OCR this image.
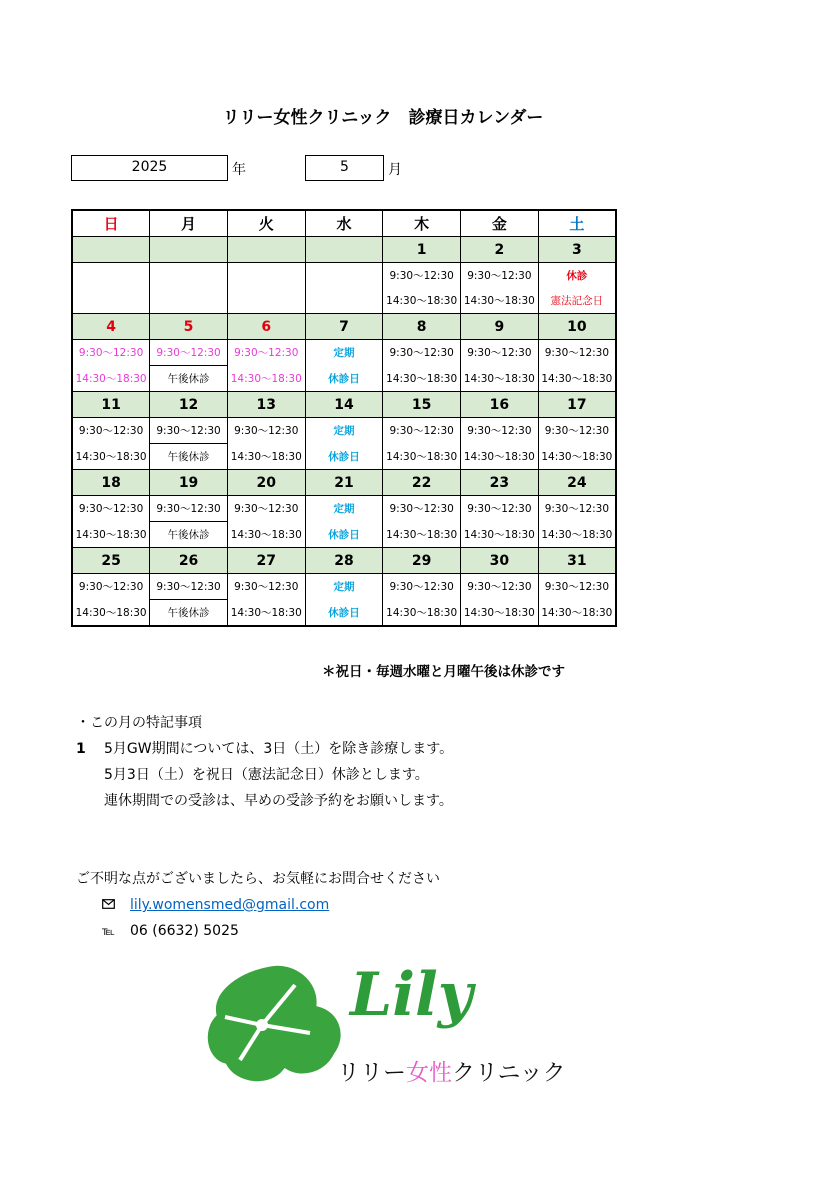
リリー女性クリニック　診療日カレンダー
2025	年	5	月
日	月	火	水	木	金	土
				1	2	3
				9:30～12:30	9:30～12:30	休診
				14:30～18:30	14:30～18:30	憲法記念日
4	5	6	7	8	9	10
9:30～12:30	9:30～12:30	9:30～12:30	定期	9:30～12:30	9:30～12:30	9:30～12:30
14:30～18:30	午後休診	14:30～18:30	休診日	14:30～18:30	14:30～18:30	14:30～18:30
11	12	13	14	15	16	17
9:30～12:30	9:30～12:30	9:30～12:30	定期	9:30～12:30	9:30～12:30	9:30～12:30
14:30～18:30	午後休診	14:30～18:30	休診日	14:30～18:30	14:30～18:30	14:30～18:30
18	19	20	21	22	23	24
9:30～12:30	9:30～12:30	9:30～12:30	定期	9:30～12:30	9:30～12:30	9:30～12:30
14:30～18:30	午後休診	14:30～18:30	休診日	14:30～18:30	14:30～18:30	14:30～18:30
25	26	27	28	29	30	31
9:30～12:30	9:30～12:30	9:30～12:30	定期	9:30～12:30	9:30～12:30	9:30～12:30
14:30～18:30	午後休診	14:30～18:30	休診日	14:30～18:30	14:30～18:30	14:30～18:30
＊祝日・毎週水曜と月曜午後は休診です
・この月の特記事項
1 5月GW期間については、3日（土）を除き診療します。
5月3日（土）を祝日（憲法記念日）休診とします。
連休期間での受診は、早めの受診予約をお願いします。
ご不明な点がございましたら、お気軽にお問合せください
lily.womensmed@gmail.com
℡ 06 (6632) 5025
Lily
リリー女性クリニック
